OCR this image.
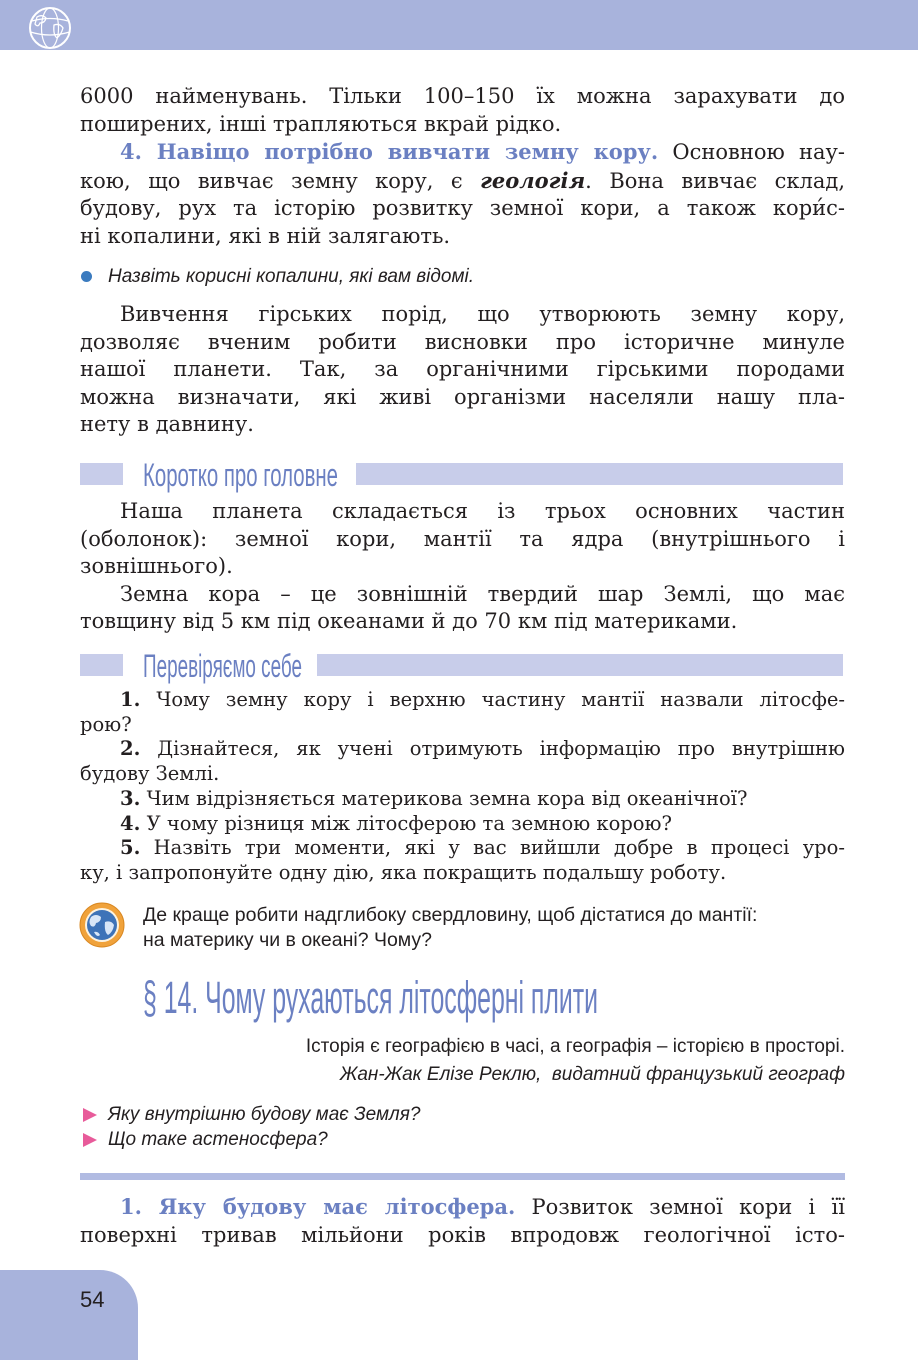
6000 найменувань. Тільки 100–150 їх можна зарахувати до
поширених, інші трапляються вкрай рідко.
4. Навіщо потрібно вивчати земну кору. Основною нау-
кою, що вивчає земну кору, є геологія. Вона вивчає склад,
будову, рух та історію розвитку земної кори, а також кори́с-
ні копалини, які в ній залягають.
Назвіть корисні копалини, які вам відомі.
Вивчення гірських порід, що утворюють земну кору,
дозволяє вченим робити висновки про історичне минуле
нашої планети. Так, за органічними гірськими породами
можна визначати, які живі організми населяли нашу пла-
нету в давнину.
Коротко про головне
Наша планета складається із трьох основних частин
(оболонок): земної кори, мантії та ядра (внутрішнього і
зовнішнього).
Земна кора – це зовнішній твердий шар Землі, що має
товщину від 5 км під океанами й до 70 км під материками.
Перевіряємо себе
1. Чому земну кору і верхню частину мантії назвали літосфе-
рою?
2. Дізнайтеся, як учені отримують інформацію про внутрішню
будову Землі.
3. Чим відрізняється материкова земна кора від океанічної?
4. У чому різниця між літосферою та земною корою?
5. Назвіть три моменти, які у вас вийшли добре в процесі уро-
ку, і запропонуйте одну дію, яка покращить подальшу роботу.
Де краще робити надглибоку свердловину, щоб дістатися до мантії:
на материку чи в океані? Чому?
§ 14. Чому рухаються літосферні плити
Історія є географією в часі, а географія – історією в просторі.
Жан-Жак Елізе Реклю,  видатний французький географ
Яку внутрішню будову має Земля?
Що таке астеносфера?
1. Яку будову має літосфера. Розвиток земної кори і її
поверхні тривав мільйони років впродовж геологічної істо-
54
